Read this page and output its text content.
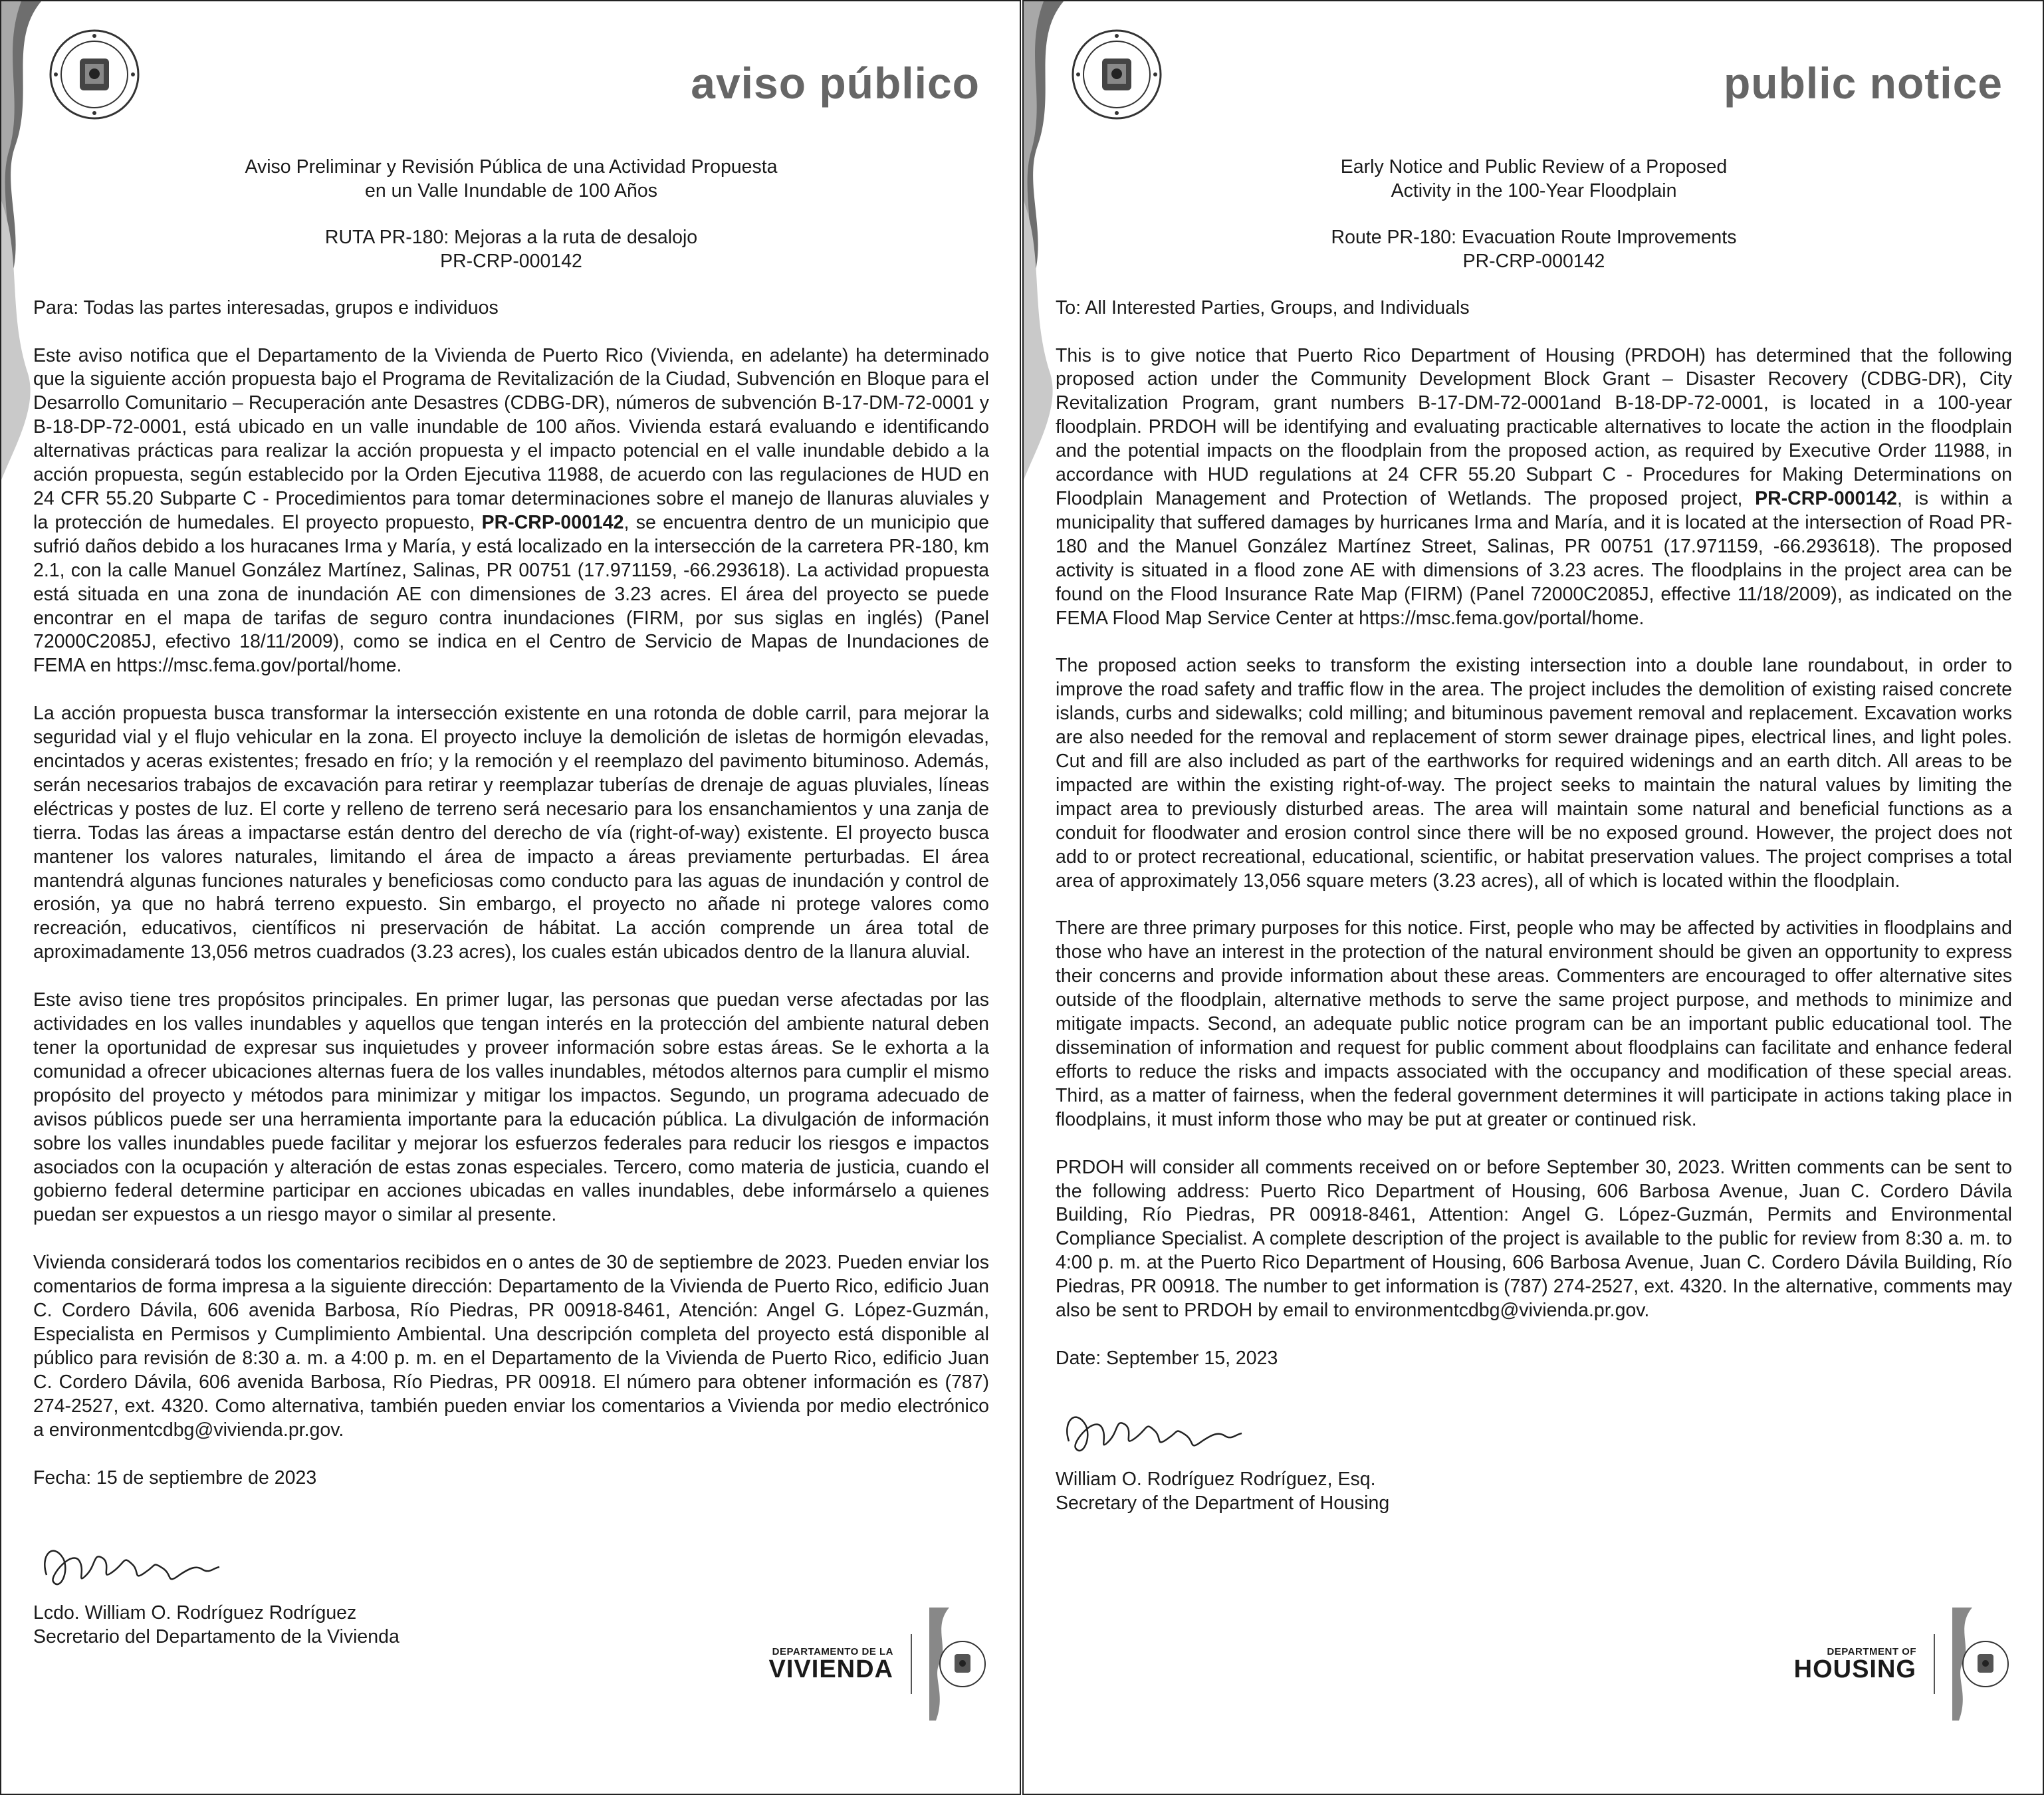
aviso público

Aviso Preliminar y Revisión Pública de una Actividad Propuesta

en un Valle Inundable de 100 Años

RUTA PR-180: Mejoras a la ruta de desalojo

PR-CRP-000142

Para: Todas las partes interesadas, grupos e individuos

Este aviso notifica que el Departamento de la Vivienda de Puerto Rico (Vivienda, en adelante) ha determinado que la siguiente acción propuesta bajo el Programa de Revitalización de la Ciudad, Subvención en Bloque para el Desarrollo Comunitario – Recuperación ante Desastres (CDBG-DR), números de subvención B-17-DM-72-0001 y B-18-DP-72-0001, está ubicado en un valle inundable de 100 años. Vivienda estará evaluando e identificando alternativas prácticas para realizar la acción propuesta y el impacto potencial en el valle inundable debido a la acción propuesta, según establecido por la Orden Ejecutiva 11988, de acuerdo con las regulaciones de HUD en 24 CFR 55.20 Subparte C - Procedimientos para tomar determinaciones sobre el manejo de llanuras aluviales y la protección de humedales. El proyecto propuesto, PR-CRP-000142, se encuentra dentro de un municipio que sufrió daños debido a los huracanes Irma y María, y está localizado en la intersección de la carretera PR-180, km 2.1, con la calle Manuel González Martínez, Salinas, PR 00751 (17.971159, -66.293618). La actividad propuesta está situada en una zona de inundación AE con dimensiones de 3.23 acres. El área del proyecto se puede encontrar en el mapa de tarifas de seguro contra inundaciones (FIRM, por sus siglas en inglés) (Panel 72000C2085J, efectivo 18/11/2009), como se indica en el Centro de Servicio de Mapas de Inundaciones de FEMA en https://msc.fema.gov/portal/home.

La acción propuesta busca transformar la intersección existente en una rotonda de doble carril, para mejorar la seguridad vial y el flujo vehicular en la zona. El proyecto incluye la demolición de isletas de hormigón elevadas, encintados y aceras existentes; fresado en frío; y la remoción y el reemplazo del pavimento bituminoso. Además, serán necesarios trabajos de excavación para retirar y reemplazar tuberías de drenaje de aguas pluviales, líneas eléctricas y postes de luz. El corte y relleno de terreno será necesario para los ensanchamientos y una zanja de tierra. Todas las áreas a impactarse están dentro del derecho de vía (right-of-way) existente. El proyecto busca mantener los valores naturales, limitando el área de impacto a áreas previamente perturbadas. El área mantendrá algunas funciones naturales y beneficiosas como conducto para las aguas de inundación y control de erosión, ya que no habrá terreno expuesto. Sin embargo, el proyecto no añade ni protege valores como recreación, educativos, científicos ni preservación de hábitat. La acción comprende un área total de aproximadamente 13,056 metros cuadrados (3.23 acres), los cuales están ubicados dentro de la llanura aluvial.

Este aviso tiene tres propósitos principales. En primer lugar, las personas que puedan verse afectadas por las actividades en los valles inundables y aquellos que tengan interés en la protección del ambiente natural deben tener la oportunidad de expresar sus inquietudes y proveer información sobre estas áreas. Se le exhorta a la comunidad a ofrecer ubicaciones alternas fuera de los valles inundables, métodos alternos para cumplir el mismo propósito del proyecto y métodos para minimizar y mitigar los impactos. Segundo, un programa adecuado de avisos públicos puede ser una herramienta importante para la educación pública. La divulgación de información sobre los valles inundables puede facilitar y mejorar los esfuerzos federales para reducir los riesgos e impactos asociados con la ocupación y alteración de estas zonas especiales. Tercero, como materia de justicia, cuando el gobierno federal determine participar en acciones ubicadas en valles inundables, debe informárselo a quienes puedan ser expuestos a un riesgo mayor o similar al presente.

Vivienda considerará todos los comentarios recibidos en o antes de 30 de septiembre de 2023. Pueden enviar los comentarios de forma impresa a la siguiente dirección: Departamento de la Vivienda de Puerto Rico, edificio Juan C. Cordero Dávila, 606 avenida Barbosa, Río Piedras, PR 00918-8461, Atención: Angel G. López-Guzmán, Especialista en Permisos y Cumplimiento Ambiental. Una descripción completa del proyecto está disponible al público para revisión de 8:30 a. m. a 4:00 p. m. en el Departamento de la Vivienda de Puerto Rico, edificio Juan C. Cordero Dávila, 606 avenida Barbosa, Río Piedras, PR 00918. El número para obtener información es (787) 274-2527, ext. 4320. Como alternativa, también pueden enviar los comentarios a Vivienda por medio electrónico a environmentcdbg@vivienda.pr.gov.

Fecha: 15 de septiembre de 2023

Lcdo. William O. Rodríguez Rodríguez

Secretario del Departamento de la Vivienda

DEPARTAMENTO DE LA
VIVIENDA
public notice

Early Notice and Public Review of a Proposed

Activity in the 100-Year Floodplain

Route PR-180: Evacuation Route Improvements

PR-CRP-000142

To: All Interested Parties, Groups, and Individuals

This is to give notice that Puerto Rico Department of Housing (PRDOH) has determined that the following proposed action under the Community Development Block Grant – Disaster Recovery (CDBG-DR), City Revitalization Program, grant numbers B-17-DM-72-0001and B-18-DP-72-0001, is located in a 100-year floodplain. PRDOH will be identifying and evaluating practicable alternatives to locate the action in the floodplain and the potential impacts on the floodplain from the proposed action, as required by Executive Order 11988, in accordance with HUD regulations at 24 CFR 55.20 Subpart C - Procedures for Making Determinations on Floodplain Management and Protection of Wetlands. The proposed project, PR-CRP-000142, is within a municipality that suffered damages by hurricanes Irma and María, and it is located at the intersection of Road PR-180 and the Manuel González Martínez Street, Salinas, PR 00751 (17.971159, -66.293618). The proposed activity is situated in a flood zone AE with dimensions of 3.23 acres. The floodplains in the project area can be found on the Flood Insurance Rate Map (FIRM) (Panel 72000C2085J, effective 11/18/2009), as indicated on the FEMA Flood Map Service Center at https://msc.fema.gov/portal/home.

The proposed action seeks to transform the existing intersection into a double lane roundabout, in order to improve the road safety and traffic flow in the area. The project includes the demolition of existing raised concrete islands, curbs and sidewalks; cold milling; and bituminous pavement removal and replacement. Excavation works are also needed for the removal and replacement of storm sewer drainage pipes, electrical lines, and light poles. Cut and fill are also included as part of the earthworks for required widenings and an earth ditch. All areas to be impacted are within the existing right-of-way. The project seeks to maintain the natural values by limiting the impact area to previously disturbed areas. The area will maintain some natural and beneficial functions as a conduit for floodwater and erosion control since there will be no exposed ground. However, the project does not add to or protect recreational, educational, scientific, or habitat preservation values. The project comprises a total area of approximately 13,056 square meters (3.23 acres), all of which is located within the floodplain.

There are three primary purposes for this notice. First, people who may be affected by activities in floodplains and those who have an interest in the protection of the natural environment should be given an opportunity to express their concerns and provide information about these areas. Commenters are encouraged to offer alternative sites outside of the floodplain, alternative methods to serve the same project purpose, and methods to minimize and mitigate impacts. Second, an adequate public notice program can be an important public educational tool. The dissemination of information and request for public comment about floodplains can facilitate and enhance federal efforts to reduce the risks and impacts associated with the occupancy and modification of these special areas. Third, as a matter of fairness, when the federal government determines it will participate in actions taking place in floodplains, it must inform those who may be put at greater or continued risk.

PRDOH will consider all comments received on or before September 30, 2023. Written comments can be sent to the following address: Puerto Rico Department of Housing, 606 Barbosa Avenue, Juan C. Cordero Dávila Building, Río Piedras, PR 00918-8461, Attention: Angel G. López-Guzmán, Permits and Environmental Compliance Specialist. A complete description of the project is available to the public for review from 8:30 a. m. to 4:00 p. m. at the Puerto Rico Department of Housing, 606 Barbosa Avenue, Juan C. Cordero Dávila Building, Río Piedras, PR 00918. The number to get information is (787) 274-2527, ext. 4320. In the alternative, comments may also be sent to PRDOH by email to environmentcdbg@vivienda.pr.gov.

Date: September 15, 2023

William O. Rodríguez Rodríguez, Esq.

Secretary of the Department of Housing

DEPARTMENT OF
HOUSING
